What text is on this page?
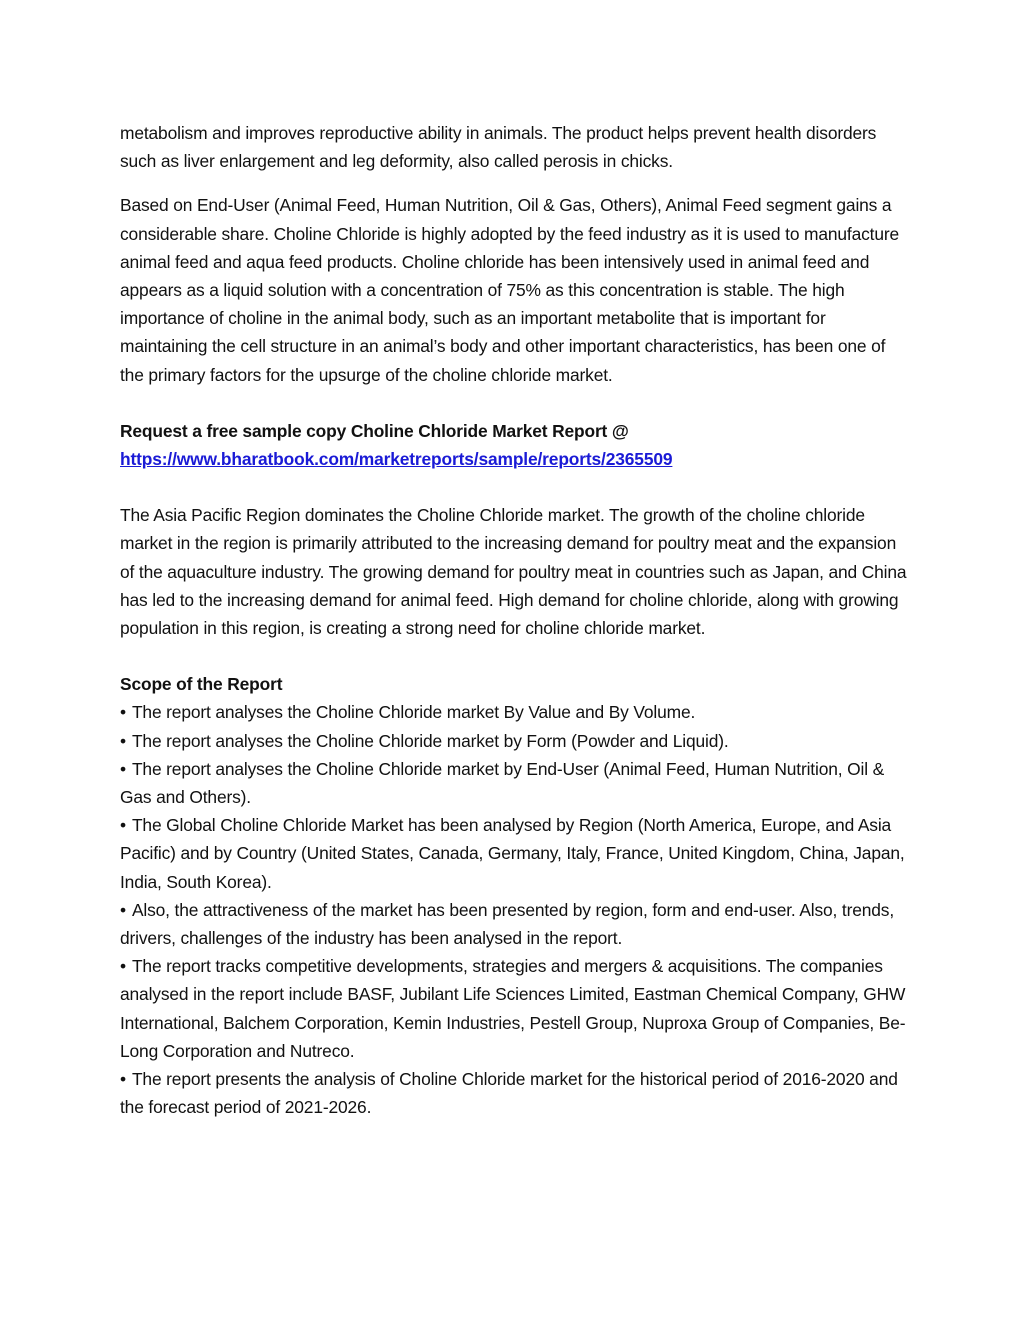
metabolism and improves reproductive ability in animals. The product helps prevent health disorders such as liver enlargement and leg deformity, also called perosis in chicks.

Based on End-User (Animal Feed, Human Nutrition, Oil & Gas, Others), Animal Feed segment gains a considerable share. Choline Chloride is highly adopted by the feed industry as it is used to manufacture animal feed and aqua feed products. Choline chloride has been intensively used in animal feed and appears as a liquid solution with a concentration of 75% as this concentration is stable. The high importance of choline in the animal body, such as an important metabolite that is important for maintaining the cell structure in an animal’s body and other important characteristics, has been one of the primary factors for the upsurge of the choline chloride market.

Request a free sample copy Choline Chloride Market Report @

https://www.bharatbook.com/marketreports/sample/reports/2365509

The Asia Pacific Region dominates the Choline Chloride market. The growth of the choline chloride market in the region is primarily attributed to the increasing demand for poultry meat and the expansion of the aquaculture industry. The growing demand for poultry meat in countries such as Japan, and China has led to the increasing demand for animal feed. High demand for choline chloride, along with growing population in this region, is creating a strong need for choline chloride market.

Scope of the Report

• The report analyses the Choline Chloride market By Value and By Volume.
• The report analyses the Choline Chloride market by Form (Powder and Liquid).
• The report analyses the Choline Chloride market by End-User (Animal Feed, Human Nutrition, Oil & Gas and Others).
• The Global Choline Chloride Market has been analysed by Region (North America, Europe, and Asia Pacific) and by Country (United States, Canada, Germany, Italy, France, United Kingdom, China, Japan, India, South Korea).
• Also, the attractiveness of the market has been presented by region, form and end-user. Also, trends, drivers, challenges of the industry has been analysed in the report.
• The report tracks competitive developments, strategies and mergers & acquisitions. The companies analysed in the report include BASF, Jubilant Life Sciences Limited, Eastman Chemical Company, GHW International, Balchem Corporation, Kemin Industries, Pestell Group, Nuproxa Group of Companies, Be-Long Corporation and Nutreco.
• The report presents the analysis of Choline Chloride market for the historical period of 2016-2020 and the forecast period of 2021-2026.
